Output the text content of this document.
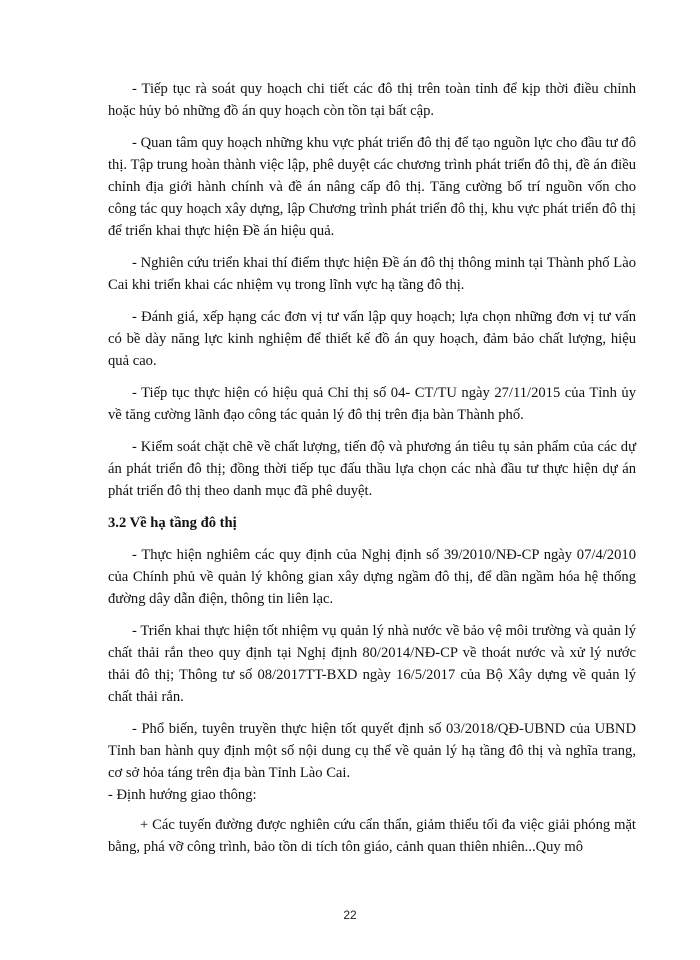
- Tiếp tục rà soát quy hoạch chi tiết các đô thị trên toàn tỉnh để kịp thời điều chỉnh hoặc hủy bỏ những đồ án quy hoạch còn tồn tại bất cập.

- Quan tâm quy hoạch những khu vực phát triển đô thị để tạo nguồn lực cho đầu tư đô thị. Tập trung hoàn thành việc lập, phê duyệt các chương trình phát triển đô thị, đề án điều chỉnh địa giới hành chính và đề án nâng cấp đô thị. Tăng cường bố trí nguồn vốn cho công tác quy hoạch xây dựng, lập Chương trình phát triển đô thị, khu vực phát triển đô thị để triển khai thực hiện Đề án hiệu quả.

- Nghiên cứu triển khai thí điểm thực hiện Đề án đô thị thông minh tại Thành phố Lào Cai khi triển khai các nhiệm vụ trong lĩnh vực hạ tầng đô thị.

- Đánh giá, xếp hạng các đơn vị tư vấn lập quy hoạch; lựa chọn những đơn vị tư vấn có bề dày năng lực kinh nghiệm để thiết kế đồ án quy hoạch, đảm bảo chất lượng, hiệu quả cao.

- Tiếp tục thực hiện có hiệu quả Chỉ thị số 04- CT/TU ngày 27/11/2015 của Tỉnh ủy về tăng cường lãnh đạo công tác quản lý đô thị trên địa bàn Thành phố.

- Kiểm soát chặt chẽ về chất lượng, tiến độ và phương án tiêu tụ sản phẩm của các dự án phát triển đô thị; đồng thời tiếp tục đấu thầu lựa chọn các nhà đầu tư thực hiện dự án phát triển đô thị theo danh mục đã phê duyệt.

3.2 Về hạ tầng đô thị

- Thực hiện nghiêm các quy định của Nghị định số 39/2010/NĐ-CP ngày 07/4/2010 của Chính phủ về quản lý không gian xây dựng ngầm đô thị, để dần ngầm hóa hệ thống đường dây dẫn điện, thông tin liên lạc.

- Triển khai thực hiện tốt nhiệm vụ quản lý nhà nước về bảo vệ môi trường và quản lý chất thải rắn theo quy định tại Nghị định 80/2014/NĐ-CP về thoát nước và xử lý nước thải đô thị; Thông tư số 08/2017TT-BXD ngày 16/5/2017 của Bộ Xây dựng về quản lý chất thải rắn.

- Phổ biến, tuyên truyền thực hiện tốt quyết định số 03/2018/QĐ-UBND của UBND Tỉnh ban hành quy định một số nội dung cụ thể về quản lý hạ tầng đô thị và nghĩa trang, cơ sở hỏa táng trên địa bàn Tỉnh Lào Cai.

- Định hướng giao thông:

+ Các tuyến đường được nghiên cứu cẩn thẩn, giảm thiểu tối đa việc giải phóng mặt bằng, phá vỡ công trình, bảo tồn di tích tôn giáo, cảnh quan thiên nhiên...Quy mô

22
